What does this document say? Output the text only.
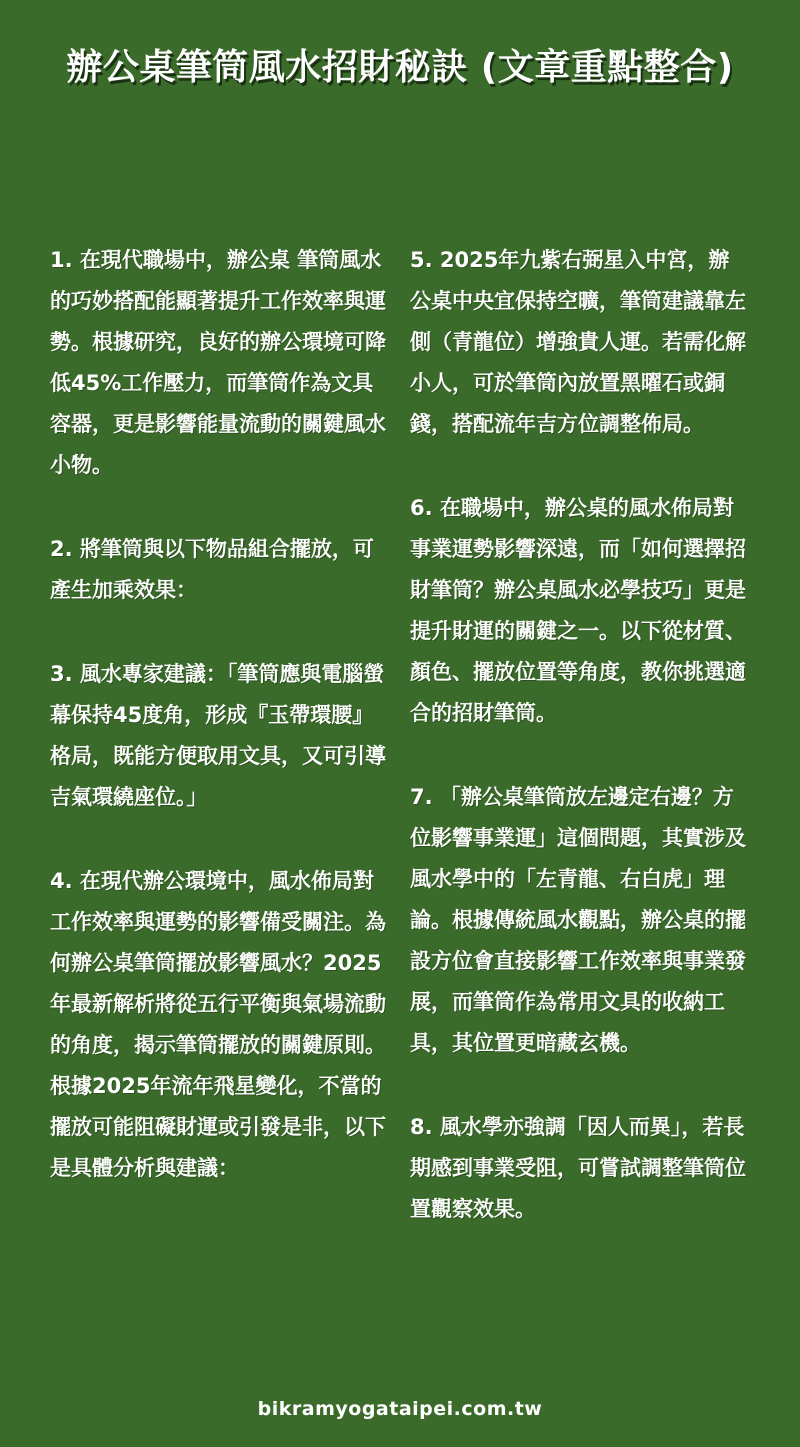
辦公桌筆筒風水招財秘訣 (文章重點整合)

1. 在現代職場中，辦公桌 筆筒風水的巧妙搭配能顯著提升工作效率與運勢。根據研究，良好的辦公環境可降低45%工作壓力，而筆筒作為文具容器，更是影響能量流動的關鍵風水小物。

2. 將筆筒與以下物品組合擺放，可產生加乘效果：

3. 風水專家建議：「筆筒應與電腦螢幕保持45度角，形成『玉帶環腰』格局，既能方便取用文具，又可引導吉氣環繞座位。」

4. 在現代辦公環境中，風水佈局對工作效率與運勢的影響備受關注。為何辦公桌筆筒擺放影響風水？2025年最新解析將從五行平衡與氣場流動的角度，揭示筆筒擺放的關鍵原則。根據2025年流年飛星變化，不當的擺放可能阻礙財運或引發是非，以下是具體分析與建議：

5. 2025年九紫右弼星入中宮，辦公桌中央宜保持空曠，筆筒建議靠左側（青龍位）增強貴人運。若需化解小人，可於筆筒內放置黑曜石或銅錢，搭配流年吉方位調整佈局。

6. 在職場中，辦公桌的風水佈局對事業運勢影響深遠，而「如何選擇招財筆筒？辦公桌風水必學技巧」更是提升財運的關鍵之一。以下從材質、顏色、擺放位置等角度，教你挑選適合的招財筆筒。

7. 「辦公桌筆筒放左邊定右邊？方位影響事業運」這個問題，其實涉及風水學中的「左青龍、右白虎」理論。根據傳統風水觀點，辦公桌的擺設方位會直接影響工作效率與事業發展，而筆筒作為常用文具的收納工具，其位置更暗藏玄機。

8. 風水學亦強調「因人而異」，若長期感到事業受阻，可嘗試調整筆筒位置觀察效果。

bikramyogataipei.com.tw
